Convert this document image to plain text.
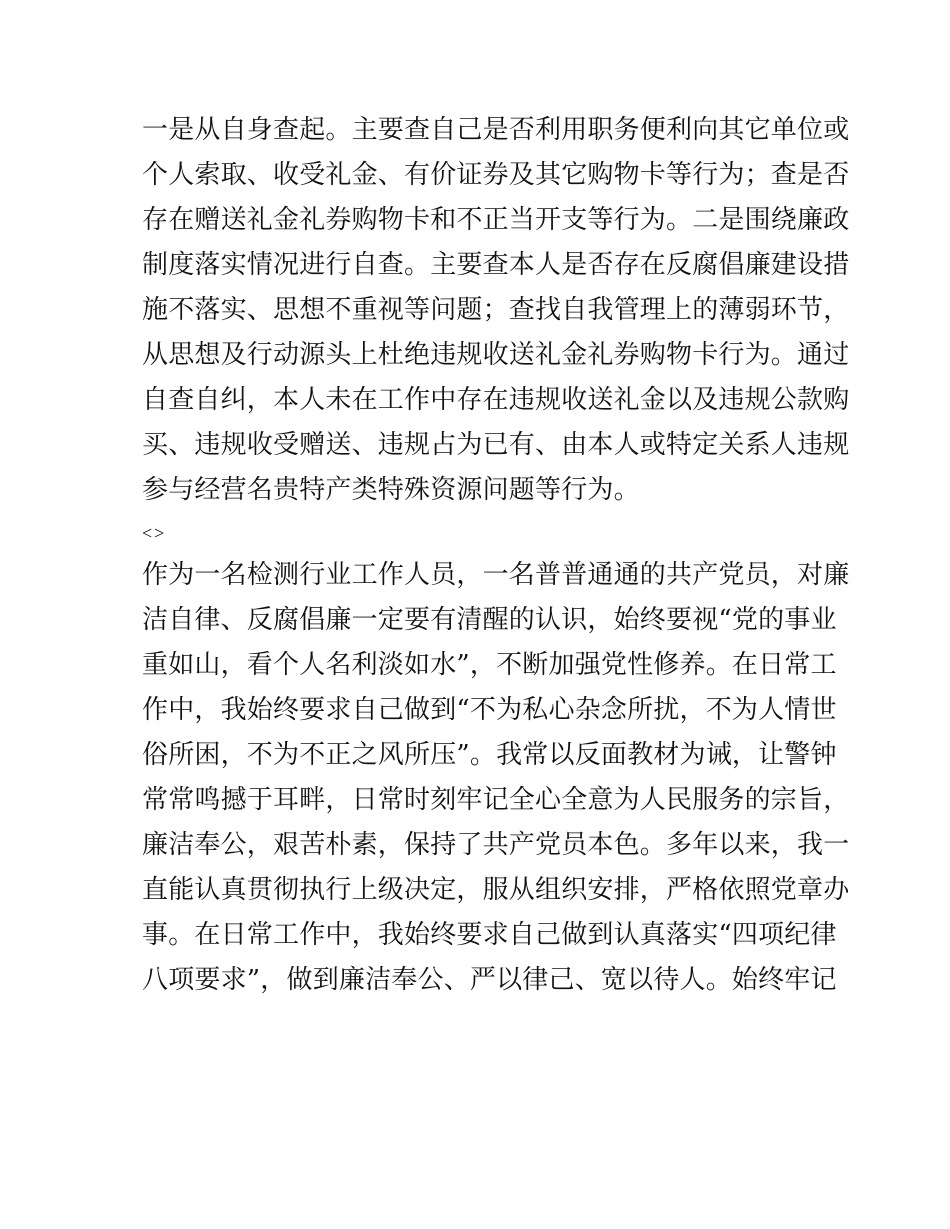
一是从自身查起。主要查自己是否利用职务便利向其它单位或
个人索取、收受礼金、有价证券及其它购物卡等行为；查是否
存在赠送礼金礼券购物卡和不正当开支等行为。二是围绕廉政
制度落实情况进行自查。主要查本人是否存在反腐倡廉建设措
施不落实、思想不重视等问题；查找自我管理上的薄弱环节，
从思想及行动源头上杜绝违规收送礼金礼券购物卡行为。通过
自查自纠，本人未在工作中存在违规收送礼金以及违规公款购
买、违规收受赠送、违规占为已有、由本人或特定关系人违规
参与经营名贵特产类特殊资源问题等行为。
<>
作为一名检测行业工作人员，一名普普通通的共产党员，对廉
洁自律、反腐倡廉一定要有清醒的认识，始终要视“党的事业
重如山，看个人名利淡如水”，不断加强党性修养。在日常工
作中，我始终要求自己做到“不为私心杂念所扰，不为人情世
俗所困，不为不正之风所压”。我常以反面教材为诫，让警钟
常常鸣撼于耳畔，日常时刻牢记全心全意为人民服务的宗旨，
廉洁奉公，艰苦朴素，保持了共产党员本色。多年以来，我一
直能认真贯彻执行上级决定，服从组织安排，严格依照党章办
事。在日常工作中，我始终要求自己做到认真落实“四项纪律
八项要求”，做到廉洁奉公、严以律己、宽以待人。始终牢记
